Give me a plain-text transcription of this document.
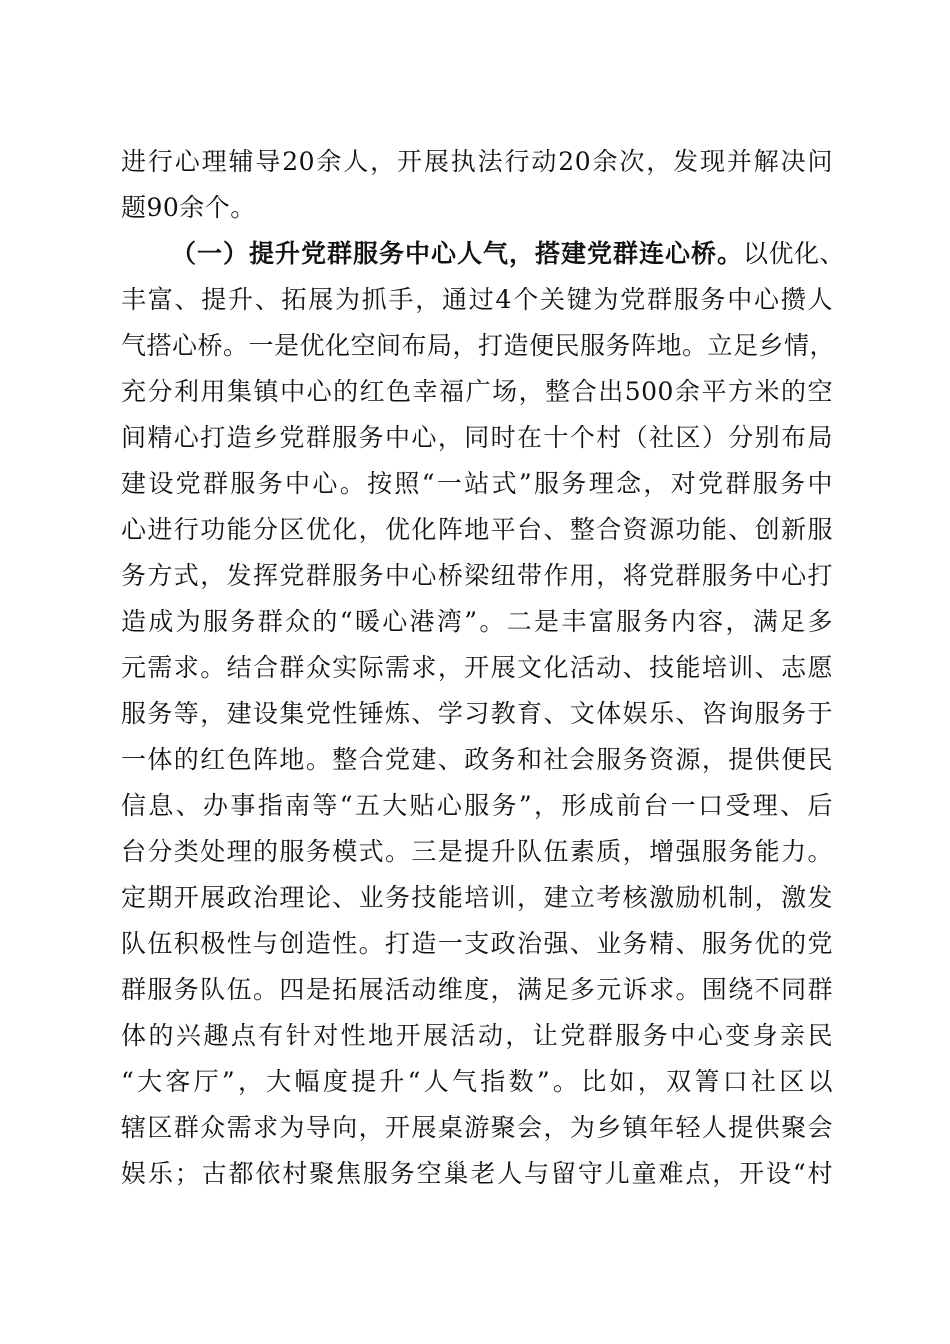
进行心理辅导20余人，开展执法行动20余次，发现并解决问
题90余个。
（一）提升党群服务中心人气，搭建党群连心桥。以优化、
丰富、提升、拓展为抓手，通过4个关键为党群服务中心攒人
气搭心桥。一是优化空间布局，打造便民服务阵地。立足乡情，
充分利用集镇中心的红色幸福广场，整合出500余平方米的空
间精心打造乡党群服务中心，同时在十个村（社区）分别布局
建设党群服务中心。按照“一站式”服务理念，对党群服务中
心进行功能分区优化，优化阵地平台、整合资源功能、创新服
务方式，发挥党群服务中心桥梁纽带作用，将党群服务中心打
造成为服务群众的“暖心港湾”。二是丰富服务内容，满足多
元需求。结合群众实际需求，开展文化活动、技能培训、志愿
服务等，建设集党性锤炼、学习教育、文体娱乐、咨询服务于
一体的红色阵地。整合党建、政务和社会服务资源，提供便民
信息、办事指南等“五大贴心服务”，形成前台一口受理、后
台分类处理的服务模式。三是提升队伍素质，增强服务能力。
定期开展政治理论、业务技能培训，建立考核激励机制，激发
队伍积极性与创造性。打造一支政治强、业务精、服务优的党
群服务队伍。四是拓展活动维度，满足多元诉求。围绕不同群
体的兴趣点有针对性地开展活动，让党群服务中心变身亲民
“大客厅”，大幅度提升“人气指数”。比如，双箐口社区以
辖区群众需求为导向，开展桌游聚会，为乡镇年轻人提供聚会
娱乐；古都依村聚焦服务空巢老人与留守儿童难点，开设“村
